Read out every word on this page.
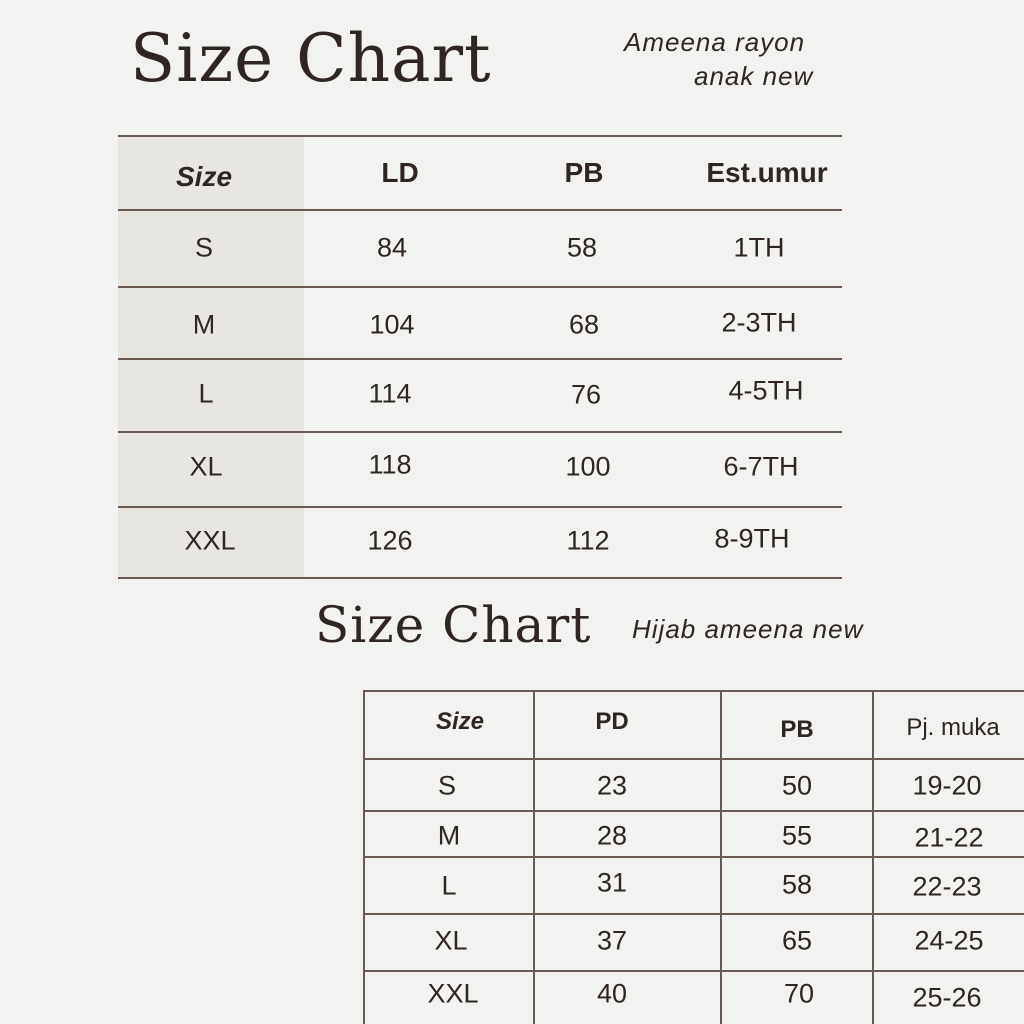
Size Chart	Ameena rayon
anak new
Size	LD	PB	Est.umur
S	84	58	1TH
M	104	68	2-3TH
L	114	76	4-5TH
XL	118	100	6-7TH
XXL	126	112	8-9TH
Size Chart Hijab ameena new
Size	PD	PB	Pj. muka
S	23	50	19-20
M	28	55	21-22
L	31	58	22-23
XL	37	65	24-25
XXL	40	70	25-26
